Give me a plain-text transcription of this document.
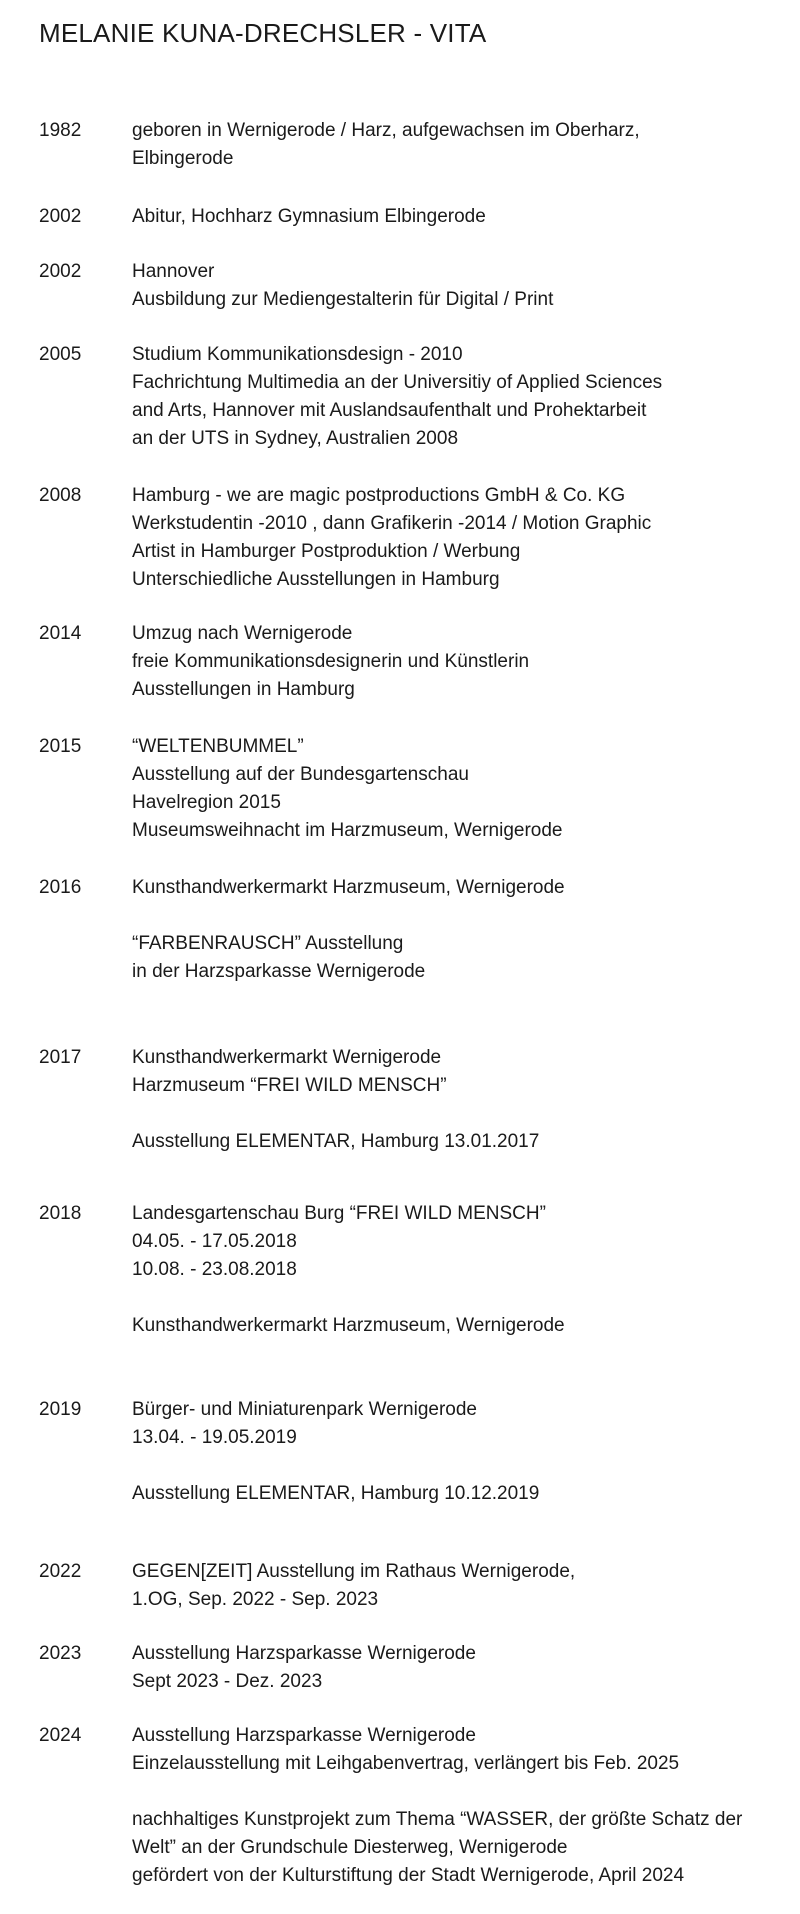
MELANIE KUNA-DRECHSLER - VITA
1982	geboren in Wernigerode / Harz, aufgewachsen im Oberharz,
Elbingerode
2002	Abitur, Hochharz Gymnasium Elbingerode
2002	Hannover
Ausbildung zur Mediengestalterin für Digital / Print
2005	Studium Kommunikationsdesign - 2010
Fachrichtung Multimedia an der Universitiy of Applied Sciences
and Arts, Hannover mit Auslandsaufenthalt und Prohektarbeit
an der UTS in Sydney, Australien 2008
2008	Hamburg - we are magic postproductions GmbH & Co. KG
Werkstudentin -2010 , dann Grafikerin -2014 / Motion Graphic
Artist in Hamburger Postproduktion / Werbung
Unterschiedliche Ausstellungen in Hamburg
2014	Umzug nach Wernigerode
freie Kommunikationsdesignerin und Künstlerin
Ausstellungen in Hamburg
2015	“WELTENBUMMEL”
Ausstellung auf der Bundesgartenschau
Havelregion 2015
Museumsweihnacht im Harzmuseum, Wernigerode
2016	Kunsthandwerkermarkt Harzmuseum, Wernigerode
“FARBENRAUSCH” Ausstellung
in der Harzsparkasse Wernigerode
2017	Kunsthandwerkermarkt Wernigerode
Harzmuseum “FREI WILD MENSCH”
Ausstellung ELEMENTAR, Hamburg 13.01.2017
2018	Landesgartenschau Burg “FREI WILD MENSCH”
04.05. - 17.05.2018
10.08. - 23.08.2018
Kunsthandwerkermarkt Harzmuseum, Wernigerode
2019	Bürger- und Miniaturenpark Wernigerode
13.04. - 19.05.2019
Ausstellung ELEMENTAR, Hamburg 10.12.2019
2022	GEGEN[ZEIT] Ausstellung im Rathaus Wernigerode,
1.OG, Sep. 2022 - Sep. 2023
2023	Ausstellung Harzsparkasse Wernigerode
Sept 2023 - Dez. 2023
2024	Ausstellung Harzsparkasse Wernigerode
Einzelausstellung mit Leihgabenvertrag, verlängert bis Feb. 2025
nachhaltiges Kunstprojekt zum Thema “WASSER, der größte Schatz der
Welt” an der Grundschule Diesterweg, Wernigerode
gefördert von der Kulturstiftung der Stadt Wernigerode, April 2024
